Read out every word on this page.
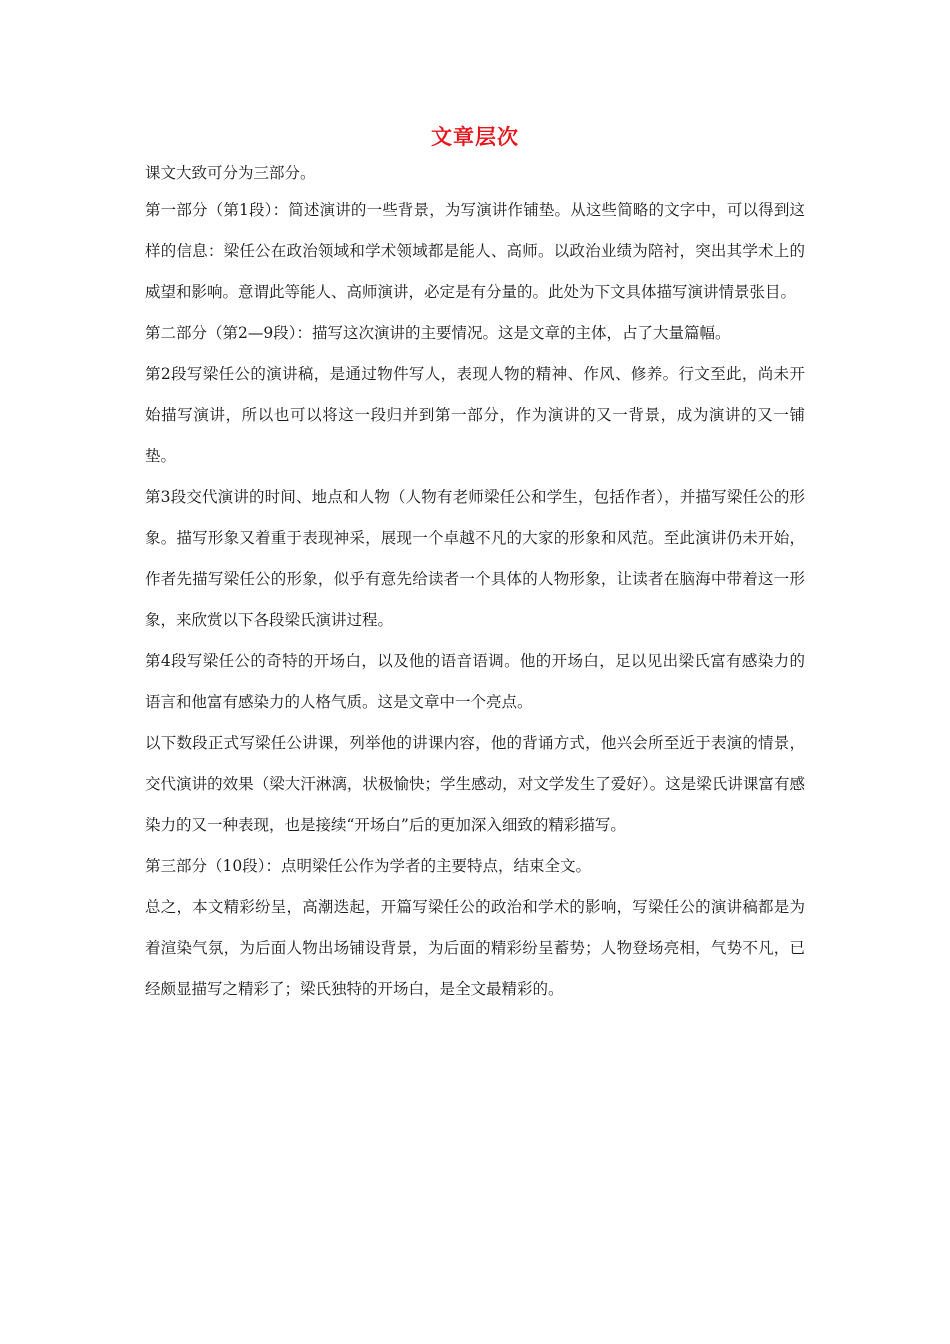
文章层次

课文大致可分为三部分。

第一部分（第1段）：简述演讲的一些背景，为写演讲作铺垫。从这些简略的文字中，可以得到这样的信息：梁任公在政治领域和学术领域都是能人、高师。以政治业绩为陪衬，突出其学术上的威望和影响。意谓此等能人、高师演讲，必定是有分量的。此处为下文具体描写演讲情景张目。

第二部分（第2—9段）：描写这次演讲的主要情况。这是文章的主体，占了大量篇幅。

第2段写梁任公的演讲稿，是通过物件写人，表现人物的精神、作风、修养。行文至此，尚未开始描写演讲，所以也可以将这一段归并到第一部分，作为演讲的又一背景，成为演讲的又一铺垫。

第3段交代演讲的时间、地点和人物（人物有老师梁任公和学生，包括作者），并描写梁任公的形象。描写形象又着重于表现神采，展现一个卓越不凡的大家的形象和风范。至此演讲仍未开始，作者先描写梁任公的形象，似乎有意先给读者一个具体的人物形象，让读者在脑海中带着这一形象，来欣赏以下各段梁氏演讲过程。

第4段写梁任公的奇特的开场白，以及他的语音语调。他的开场白，足以见出梁氏富有感染力的语言和他富有感染力的人格气质。这是文章中一个亮点。

以下数段正式写梁任公讲课，列举他的讲课内容，他的背诵方式，他兴会所至近于表演的情景，交代演讲的效果（梁大汗淋漓，状极愉快；学生感动，对文学发生了爱好）。这是梁氏讲课富有感染力的又一种表现，也是接续“开场白”后的更加深入细致的精彩描写。

第三部分（10段）：点明梁任公作为学者的主要特点，结束全文。

总之，本文精彩纷呈，高潮迭起，开篇写梁任公的政治和学术的影响，写梁任公的演讲稿都是为着渲染气氛，为后面人物出场铺设背景，为后面的精彩纷呈蓄势；人物登场亮相，气势不凡，已经颇显描写之精彩了；梁氏独特的开场白，是全文最精彩的。
